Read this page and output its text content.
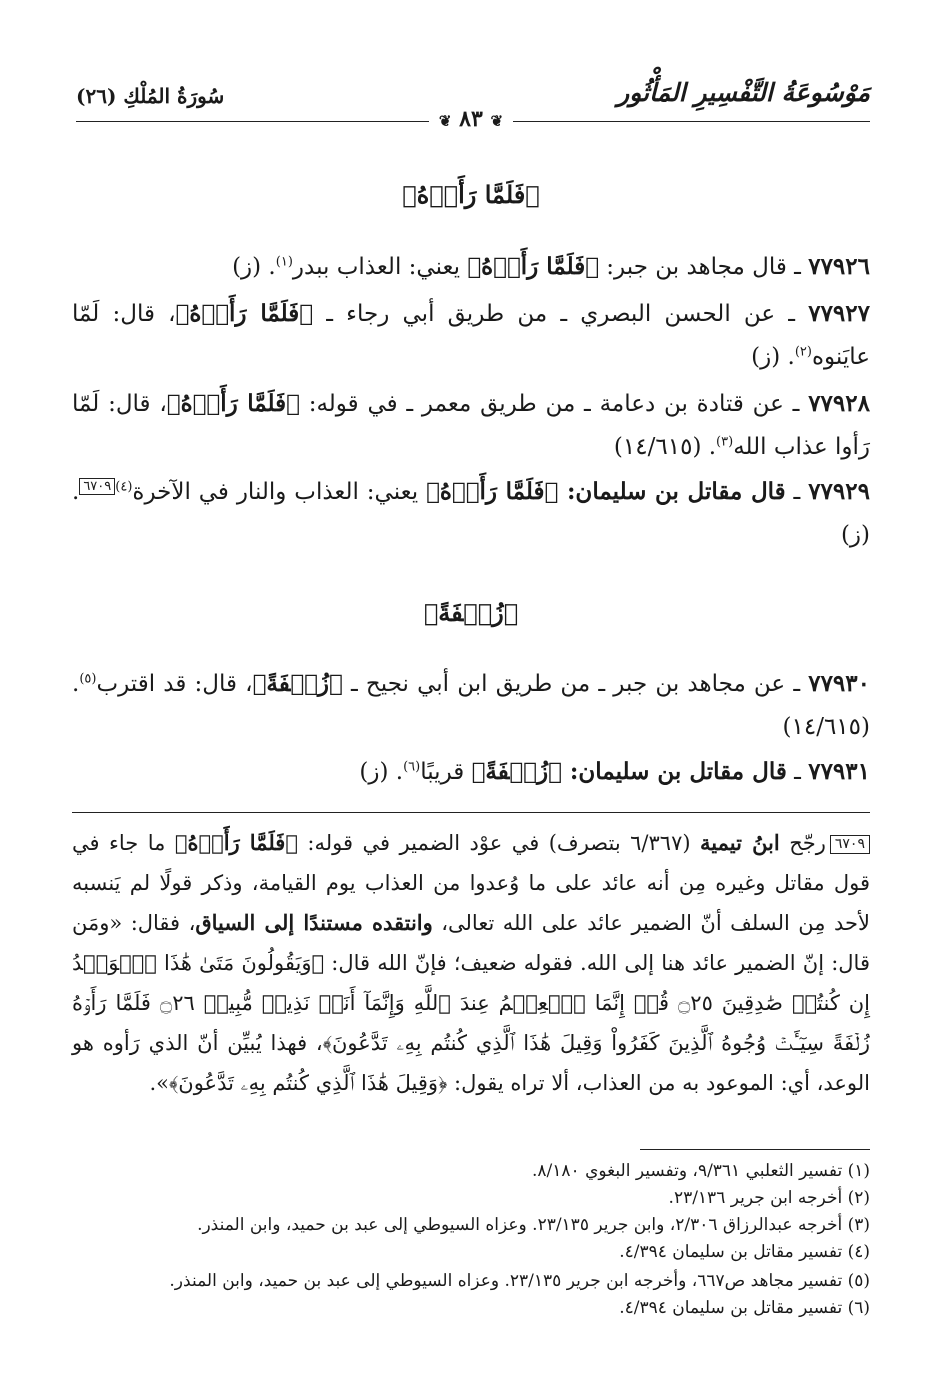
مَوْسُوعَةُ التَّفْسِيرِ المَأْثُور
سُورَةُ المُلْكِ (٢٦)
❦ ٨٣ ❦
﴿فَلَمَّا رَأَوۡهُ﴾
٧٧٩٢٦ ـ قال مجاهد بن جبر: ﴿فَلَمَّا رَأَوۡهُ﴾ يعني: العذاب ببدر$^{(١)}$. (ز)
٧٧٩٢٧ ـ عن الحسن البصري ـ من طريق أبي رجاء ـ ﴿فَلَمَّا رَأَوۡهُ﴾، قال: لَمّا عايَنوه$^{(٢)}$. (ز)
٧٧٩٢٨ ـ عن قتادة بن دعامة ـ من طريق معمر ـ في قوله: ﴿فَلَمَّا رَأَوۡهُ﴾، قال: لَمّا رَأوا عذاب الله$^{(٣)}$. (١٤/٦١٥)
٧٧٩٢٩ ـ قال مقاتل بن سليمان: ﴿فَلَمَّا رَأَوۡهُ﴾ يعني: العذاب والنار في الآخرة$^{(٤)}$٦٧٠٩. (ز)
﴿زُلۡفَةً﴾
٧٧٩٣٠ ـ عن مجاهد بن جبر ـ من طريق ابن أبي نجيح ـ ﴿زُلۡفَةً﴾، قال: قد اقترب$^{(٥)}$. (١٤/٦١٥)
٧٧٩٣١ ـ قال مقاتل بن سليمان: ﴿زُلۡفَةً﴾ قريبًا$^{(٦)}$. (ز)
٦٧٠٩رجّح ابنُ تيمية (٦/٣٦٧ بتصرف) في عوْد الضمير في قوله: ﴿فَلَمَّا رَأَوۡهُ﴾ ما جاء في قول مقاتل وغيره مِن أنه عائد على ما وُعدوا من العذاب يوم القيامة، وذكر قولًا لم يَنسبه لأحد مِن السلف أنّ الضمير عائد على الله تعالى، وانتقده مستندًا إلى السياق، فقال: «ومَن قال: إنّ الضمير عائد هنا إلى الله. فقوله ضعيف؛ فإنّ الله قال: ﴿وَيَقُولُونَ مَتَىٰ هَٰذَا ٱلۡوَعۡدُ إِن كُنتُمۡ صَٰدِقِينَ ۝٢٥ قُلۡ إِنَّمَا ٱلۡعِلۡمُ عِندَ ٱللَّهِ وَإِنَّمَآ أَنَا۠ نَذِيرٞ مُّبِينٞ ۝٢٦ فَلَمَّا رَأَوۡهُ زُلۡفَةً سِيٓـَٔتۡ وُجُوهُ ٱلَّذِينَ كَفَرُواْ وَقِيلَ هَٰذَا ٱلَّذِي كُنتُم بِهِۦ تَدَّعُونَ﴾، فهذا يُبيِّن أنّ الذي رَأوه هو الوعد، أي: الموعود به من العذاب، ألا تراه يقول: ﴿وَقِيلَ هَٰذَا ٱلَّذِي كُنتُم بِهِۦ تَدَّعُونَ﴾».
(١) تفسير الثعلبي ٩/٣٦١، وتفسير البغوي ٨/١٨٠.
(٢) أخرجه ابن جرير ٢٣/١٣٦.
(٣) أخرجه عبدالرزاق ٢/٣٠٦، وابن جرير ٢٣/١٣٥. وعزاه السيوطي إلى عبد بن حميد، وابن المنذر.
(٤) تفسير مقاتل بن سليمان ٤/٣٩٤.
(٥) تفسير مجاهد ص٦٦٧، وأخرجه ابن جرير ٢٣/١٣٥. وعزاه السيوطي إلى عبد بن حميد، وابن المنذر.
(٦) تفسير مقاتل بن سليمان ٤/٣٩٤.
